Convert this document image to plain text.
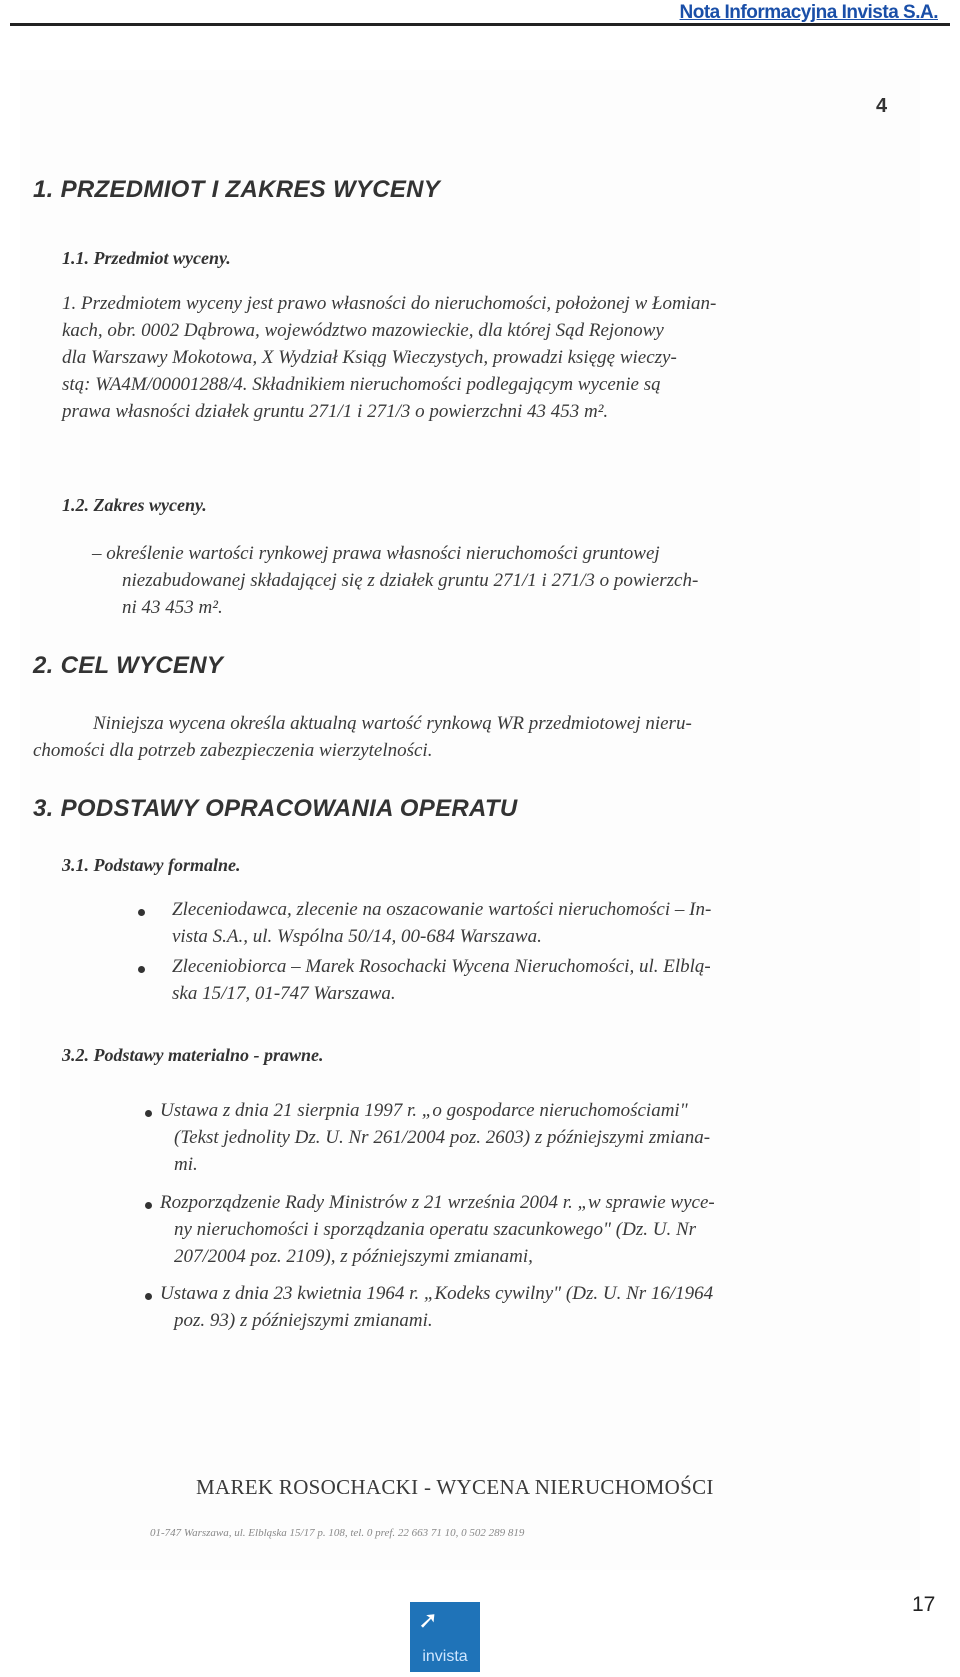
Nota Informacyjna Invista S.A.
4
1. PRZEDMIOT I ZAKRES WYCENY
1.1. Przedmiot wyceny.
1. Przedmiotem wyceny jest prawo własności do nieruchomości, położonej w Łomian-
kach, obr. 0002 Dąbrowa, województwo mazowieckie, dla której Sąd Rejonowy
dla Warszawy Mokotowa, X Wydział Ksiąg Wieczystych, prowadzi księgę wieczy-
stą: WA4M/00001288/4. Składnikiem nieruchomości podlegającym wycenie są
prawa własności działek gruntu 271/1 i 271/3 o powierzchni 43 453 m².
1.2. Zakres wyceny.
– określenie wartości rynkowej prawa własności nieruchomości gruntowej
niezabudowanej składającej się z działek gruntu 271/1 i 271/3 o powierzch-
ni 43 453 m².
2. CEL WYCENY
Niniejsza wycena określa aktualną wartość rynkową WR przedmiotowej nieru-
chomości dla potrzeb zabezpieczenia wierzytelności.
3. PODSTAWY OPRACOWANIA OPERATU
3.1. Podstawy formalne.
Zleceniodawca, zlecenie na oszacowanie wartości nieruchomości – In-
vista S.A., ul. Wspólna 50/14, 00-684 Warszawa.
Zleceniobiorca – Marek Rosochacki Wycena Nieruchomości, ul. Elblą-
ska 15/17, 01-747 Warszawa.
3.2. Podstawy materialno - prawne.
Ustawa z dnia 21 sierpnia 1997 r. „o gospodarce nieruchomościami"
(Tekst jednolity Dz. U. Nr 261/2004 poz. 2603) z późniejszymi zmiana-
mi.
Rozporządzenie Rady Ministrów z 21 września 2004 r. „w sprawie wyce-
ny nieruchomości i sporządzania operatu szacunkowego" (Dz. U. Nr
207/2004 poz. 2109), z późniejszymi zmianami,
Ustawa z dnia 23 kwietnia 1964 r. „Kodeks cywilny" (Dz. U. Nr 16/1964
poz. 93) z późniejszymi zmianami.
MAREK ROSOCHACKI - WYCENA NIERUCHOMOŚCI
01-747 Warszawa, ul. Elbląska 15/17 p. 108, tel. 0 pref. 22 663 71 10, 0 502 289 819
17
➚
invista
